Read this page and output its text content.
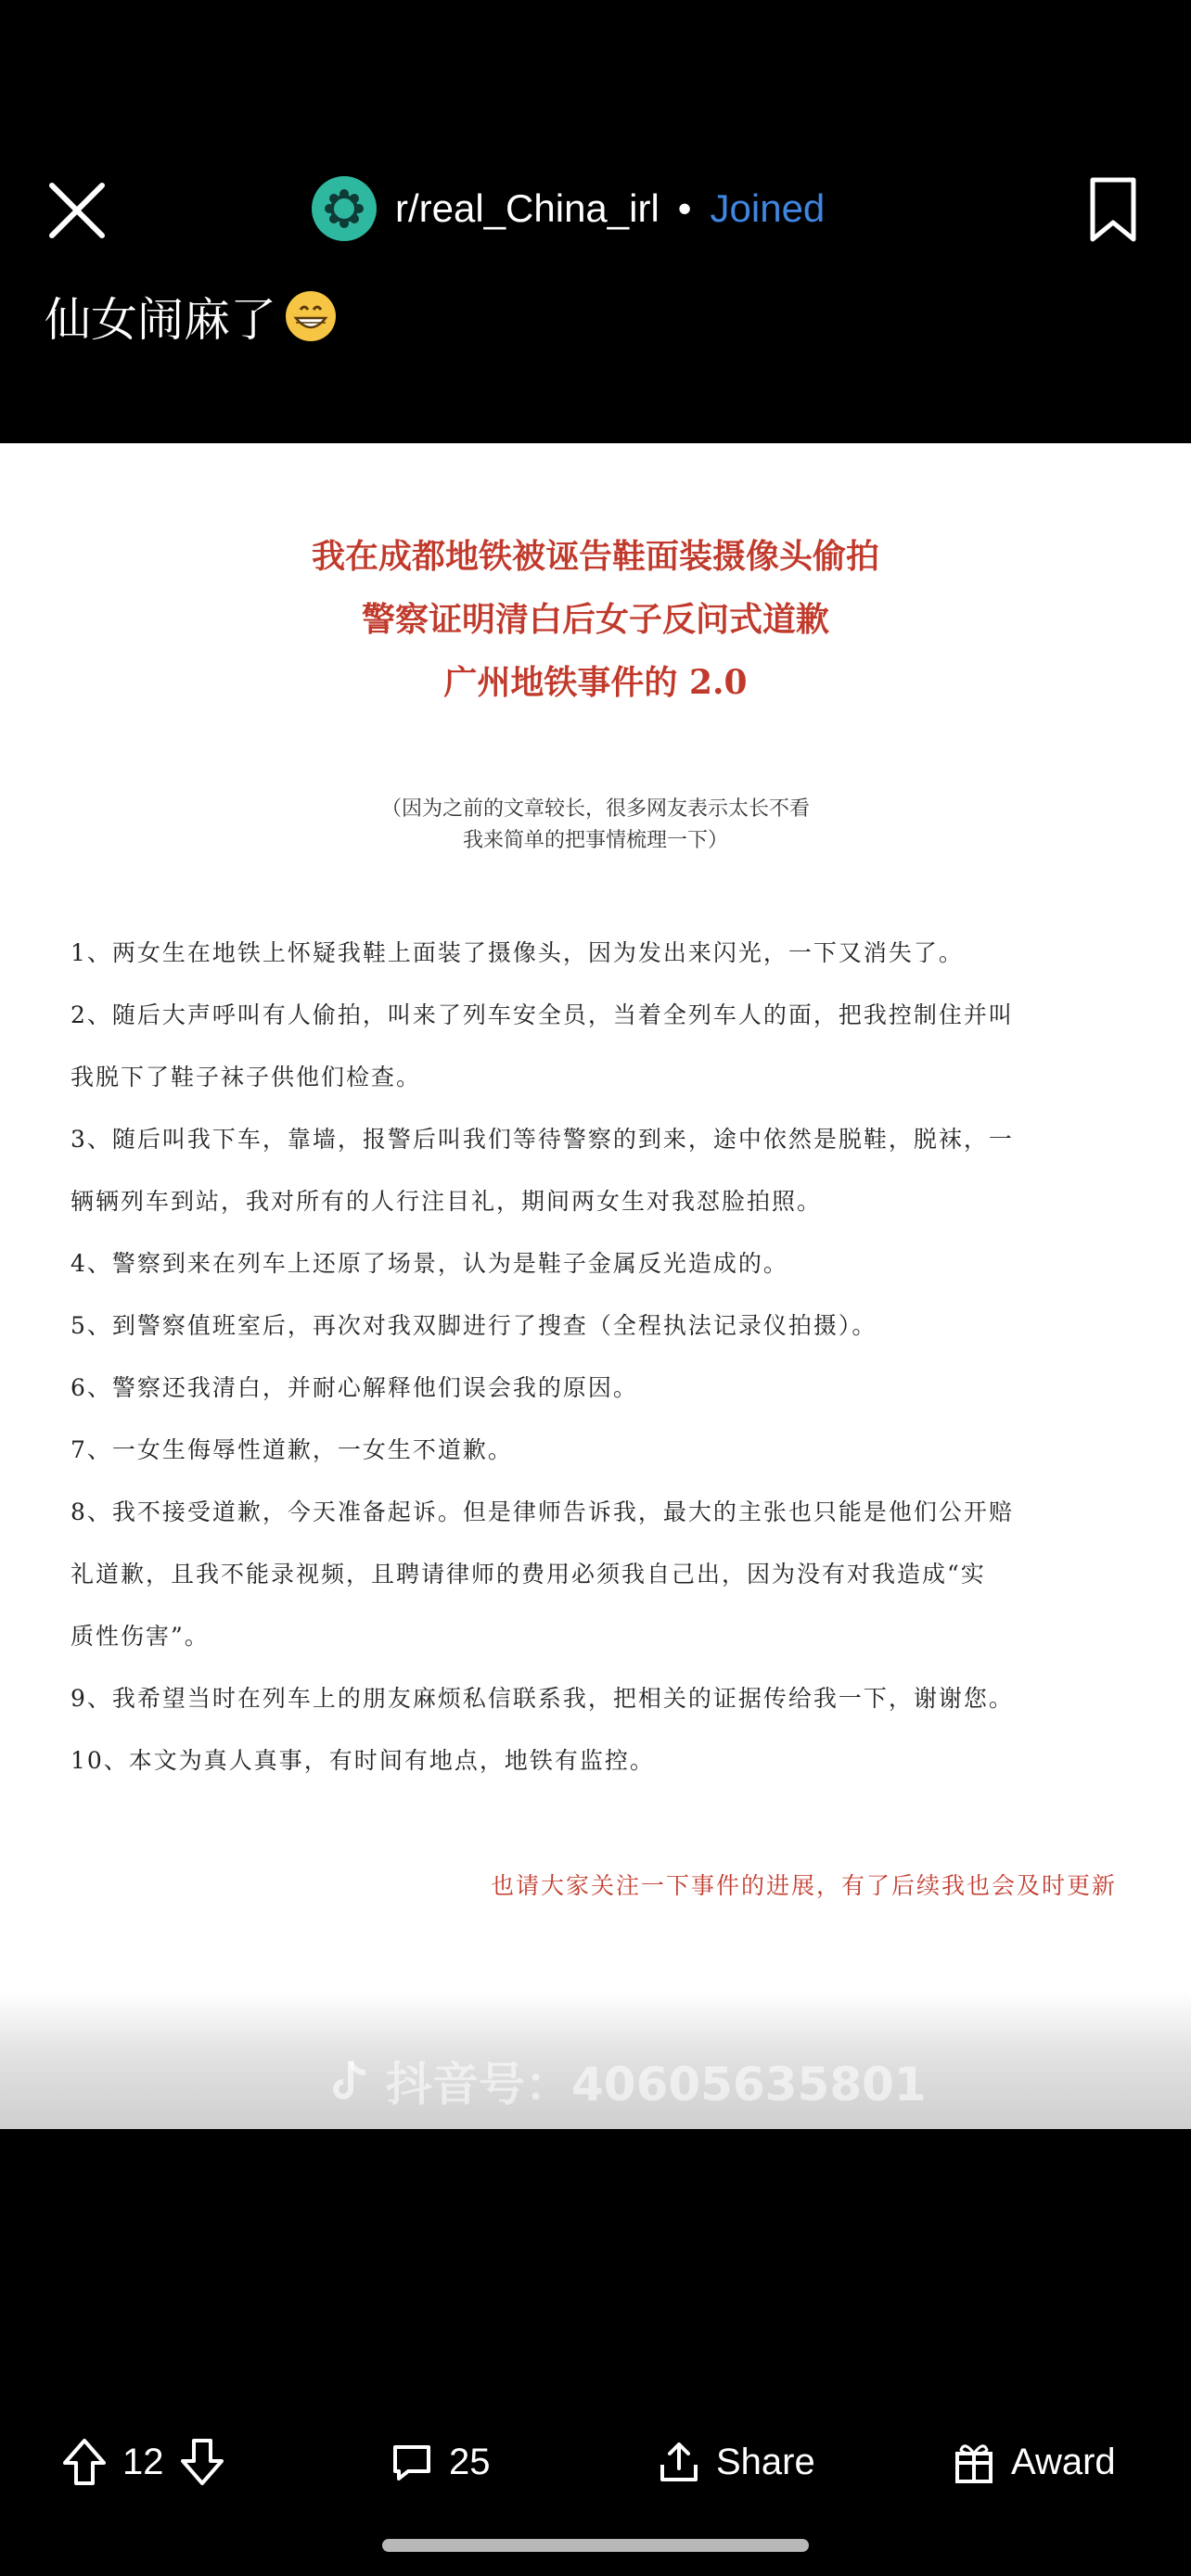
r/real_China_irl • Joined
仙女闹麻了
我在成都地铁被诬告鞋面装摄像头偷拍
警察证明清白后女子反问式道歉
广州地铁事件的 2.0
（因为之前的文章较长，很多网友表示太长不看
我来简单的把事情梳理一下）
1、两女生在地铁上怀疑我鞋上面装了摄像头，因为发出来闪光，一下又消失了。
2、随后大声呼叫有人偷拍，叫来了列车安全员，当着全列车人的面，把我控制住并叫
我脱下了鞋子袜子供他们检查。
3、随后叫我下车，靠墙，报警后叫我们等待警察的到来，途中依然是脱鞋，脱袜，一
辆辆列车到站，我对所有的人行注目礼，期间两女生对我怼脸拍照。
4、警察到来在列车上还原了场景，认为是鞋子金属反光造成的。
5、到警察值班室后，再次对我双脚进行了搜查（全程执法记录仪拍摄）。
6、警察还我清白，并耐心解释他们误会我的原因。
7、一女生侮辱性道歉，一女生不道歉。
8、我不接受道歉，今天准备起诉。但是律师告诉我，最大的主张也只能是他们公开赔
礼道歉，且我不能录视频，且聘请律师的费用必须我自己出，因为没有对我造成“实
质性伤害”。
9、我希望当时在列车上的朋友麻烦私信联系我，把相关的证据传给我一下，谢谢您。
10、本文为真人真事，有时间有地点，地铁有监控。
也请大家关注一下事件的进展，有了后续我也会及时更新
抖音号：40605635801
12	25	Share	Award
